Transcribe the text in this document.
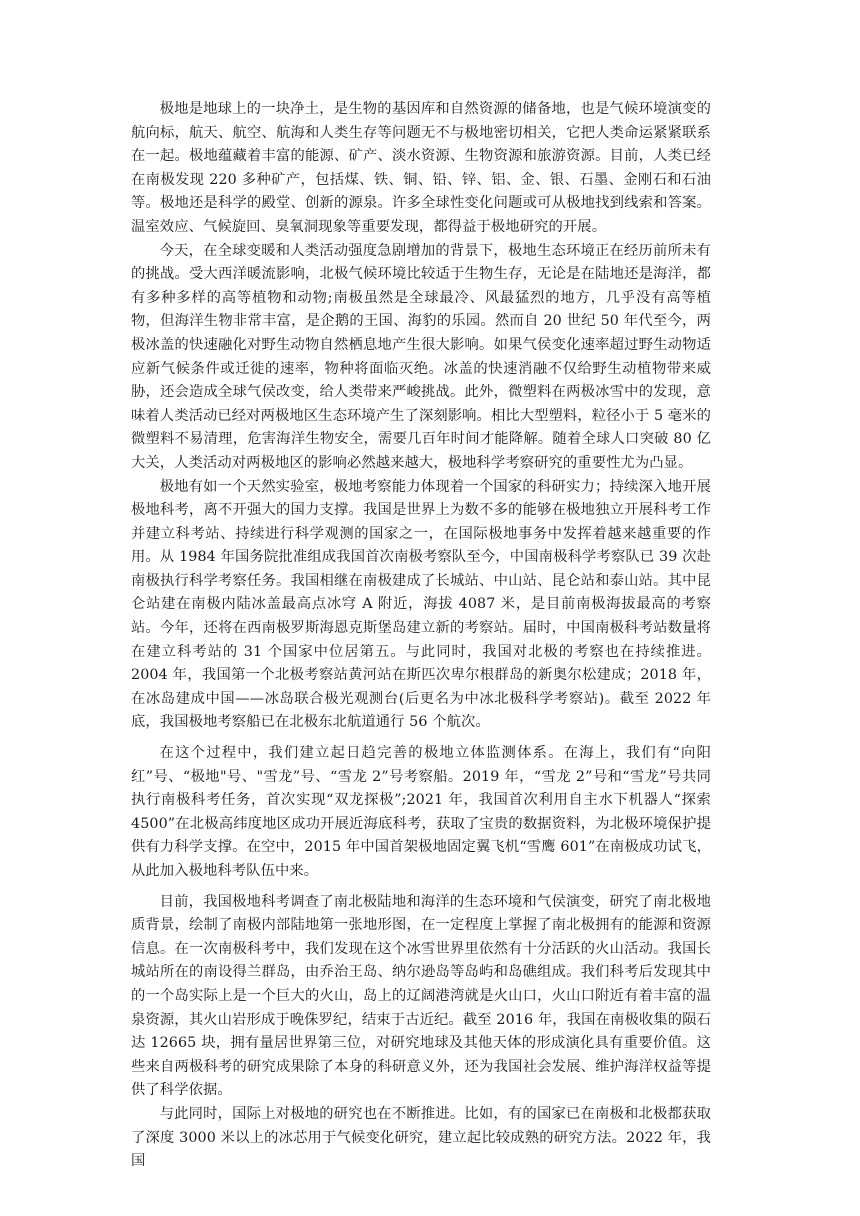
极地是地球上的一块净土，是生物的基因库和自然资源的储备地，也是气候环境演变的航向标，航天、航空、航海和人类生存等问题无不与极地密切相关，它把人类命运紧紧联系在一起。极地蕴藏着丰富的能源、矿产、淡水资源、生物资源和旅游资源。目前，人类已经在南极发现 220 多种矿产，包括煤、铁、铜、铅、锌、铝、金、银、石墨、金刚石和石油等。极地还是科学的殿堂、创新的源泉。许多全球性变化问题或可从极地找到线索和答案。温室效应、气候旋回、臭氧洞现象等重要发现，都得益于极地研究的开展。

今天，在全球变暖和人类活动强度急剧增加的背景下，极地生态环境正在经历前所未有的挑战。受大西洋暖流影响，北极气候环境比较适于生物生存，无论是在陆地还是海洋，都有多种多样的高等植物和动物;南极虽然是全球最冷、风最猛烈的地方，几乎没有高等植物，但海洋生物非常丰富，是企鹅的王国、海豹的乐园。然而自 20 世纪 50 年代至今，两极冰盖的快速融化对野生动物自然栖息地产生很大影响。如果气侯变化速率超过野生动物适应新气候条件或迁徙的速率，物种将面临灭绝。冰盖的快速消融不仅给野生动植物带来威胁，还会造成全球气侯改变，给人类带来严峻挑战。此外，微塑料在两极冰雪中的发现，意味着人类活动已经对两极地区生态环境产生了深刻影响。相比大型塑料，粒径小于 5 毫米的微塑料不易清理，危害海洋生物安全，需要几百年时间才能降解。随着全球人口突破 80 亿大关，人类活动对两极地区的影响必然越来越大，极地科学考察研究的重要性尤为凸显。

极地有如一个天然实验室，极地考察能力体现着一个国家的科研实力；持续深入地开展极地科考，离不开强大的国力支撑。我国是世界上为数不多的能够在极地独立开展科考工作并建立科考站、持续进行科学观测的国家之一，在国际极地事务中发挥着越来越重要的作用。从 1984 年国务院批准组成我国首次南极考察队至今，中国南极科学考察队已 39 次赴南极执行科学考察任务。我国相继在南极建成了长城站、中山站、昆仑站和泰山站。其中昆仑站建在南极内陆冰盖最高点冰穹 A 附近，海拔 4087 米，是目前南极海拔最高的考察站。今年，还将在西南极罗斯海恩克斯堡岛建立新的考察站。届时，中国南极科考站数量将在建立科考站的 31 个国家中位居第五。与此同时，我国对北极的考察也在持续推进。2004 年，我国第一个北极考察站黄河站在斯匹次卑尔根群岛的新奥尔松建成；2018 年，在冰岛建成中国——冰岛联合极光观测台(后更名为中冰北极科学考察站)。截至 2022 年底，我国极地考察船已在北极东北航道通行 56 个航次。

在这个过程中，我们建立起日趋完善的极地立体监测体系。在海上，我们有“向阳红”号、“极地"号、"雪龙”号、“雪龙 2”号考察船。2019 年，“雪龙 2”号和“雪龙”号共同执行南极科考任务，首次实现“双龙探极”;2021 年，我国首次利用自主水下机器人“探索 4500”在北极高纬度地区成功开展近海底科考，获取了宝贵的数据资料，为北极环境保护提供有力科学支撑。在空中，2015 年中国首架极地固定翼飞机“雪鹰 601”在南极成功试飞，从此加入极地科考队伍中来。

目前，我国极地科考调查了南北极陆地和海洋的生态环境和气侯演变，研究了南北极地质背景，绘制了南极内部陆地第一张地形图，在一定程度上掌握了南北极拥有的能源和资源信息。在一次南极科考中，我们发现在这个冰雪世界里依然有十分活跃的火山活动。我国长城站所在的南设得兰群岛，由乔治王岛、纳尔逊岛等岛屿和岛礁组成。我们科考后发现其中的一个岛实际上是一个巨大的火山，岛上的辽阔港湾就是火山口，火山口附近有着丰富的温泉资源，其火山岩形成于晚侏罗纪，结束于古近纪。截至 2016 年，我国在南极收集的陨石达 12665 块，拥有量居世界第三位，对研究地球及其他天体的形成演化具有重要价值。这些来自两极科考的研究成果除了本身的科研意义外，还为我国社会发展、维护海洋权益等提供了科学依据。

与此同时，国际上对极地的研究也在不断推进。比如，有的国家已在南极和北极都获取了深度 3000 米以上的冰芯用于气候变化研究，建立起比较成熟的研究方法。2022 年，我国
